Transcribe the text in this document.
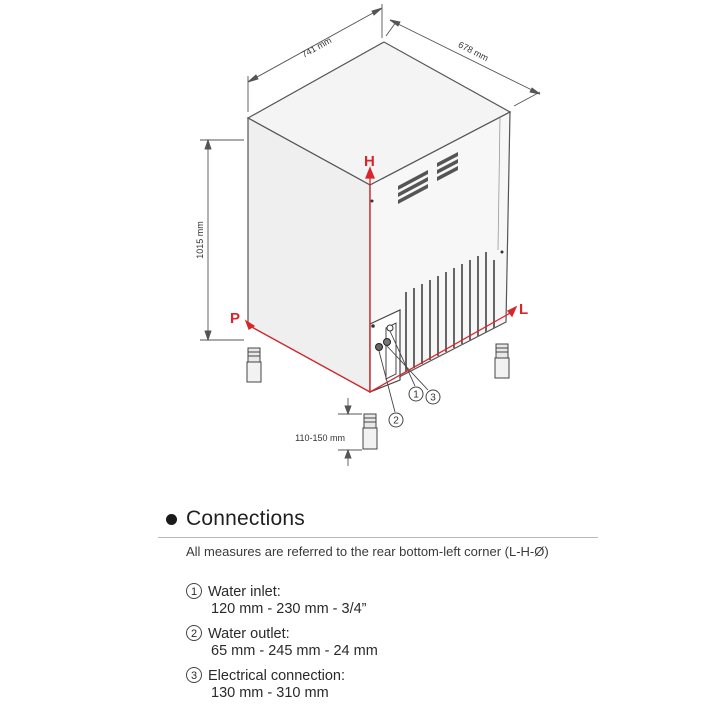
1
2
3
H
P
L
741 mm	678 mm
1015 mm
110-150 mm
Connections
All measures are referred to the rear bottom-left corner (L-H-Ø)
1 Water inlet:
120 mm - 230 mm - 3/4”
2 Water outlet:
65 mm - 245 mm - 24 mm
3 Electrical connection:
130 mm - 310 mm
